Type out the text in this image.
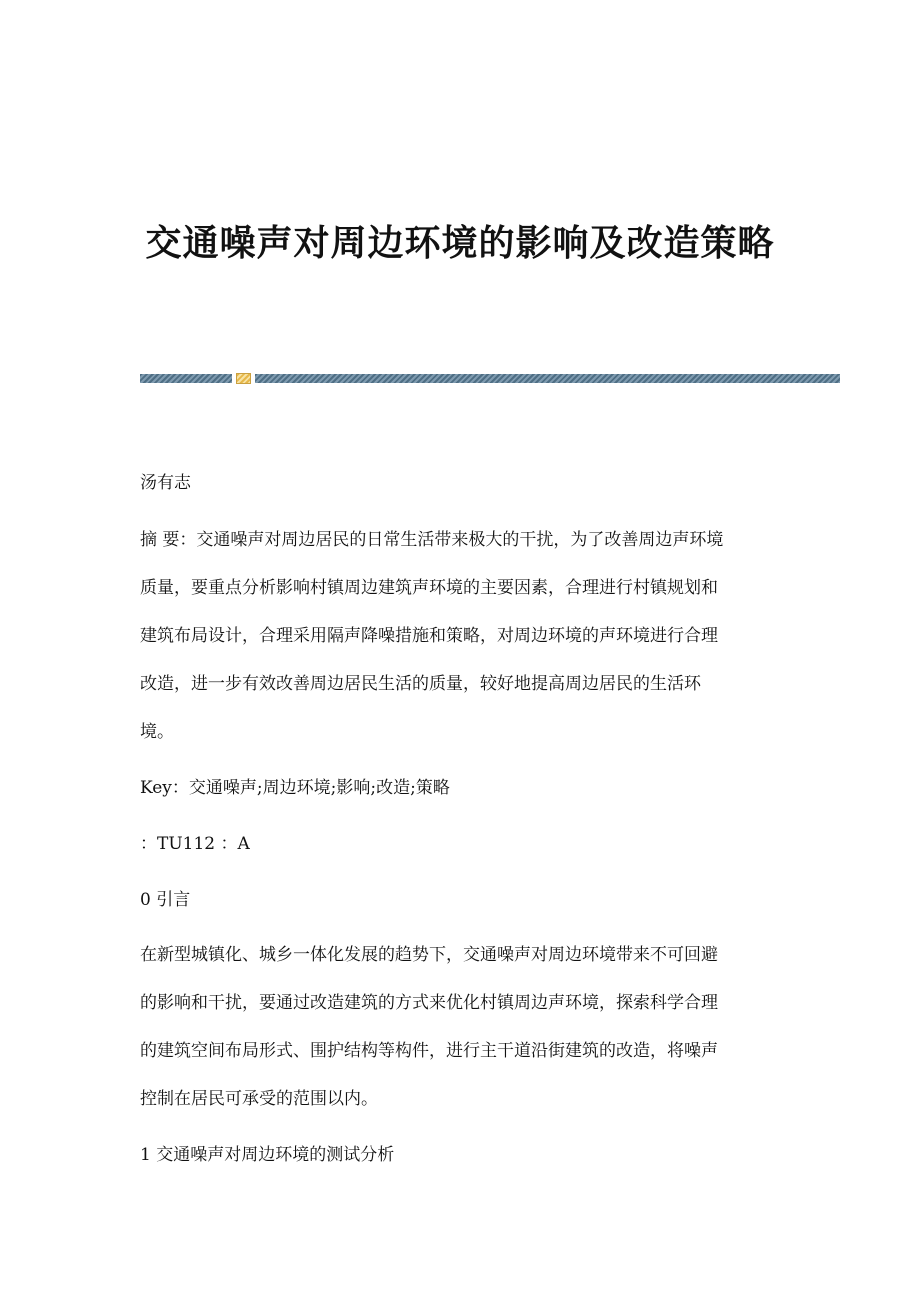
交通噪声对周边环境的影响及改造策略

汤有志

摘 要：交通噪声对周边居民的日常生活带来极大的干扰，为了改善周边声环境

质量，要重点分析影响村镇周边建筑声环境的主要因素，合理进行村镇规划和

建筑布局设计，合理采用隔声降噪措施和策略，对周边环境的声环境进行合理

改造，进一步有效改善周边居民生活的质量，较好地提高周边居民的生活环

境。

Key：交通噪声;周边环境;影响;改造;策略

：TU112 ：A

0 引言

在新型城镇化、城乡一体化发展的趋势下，交通噪声对周边环境带来不可回避

的影响和干扰，要通过改造建筑的方式来优化村镇周边声环境，探索科学合理

的建筑空间布局形式、围护结构等构件，进行主干道沿街建筑的改造，将噪声

控制在居民可承受的范围以内。

1 交通噪声对周边环境的测试分析
